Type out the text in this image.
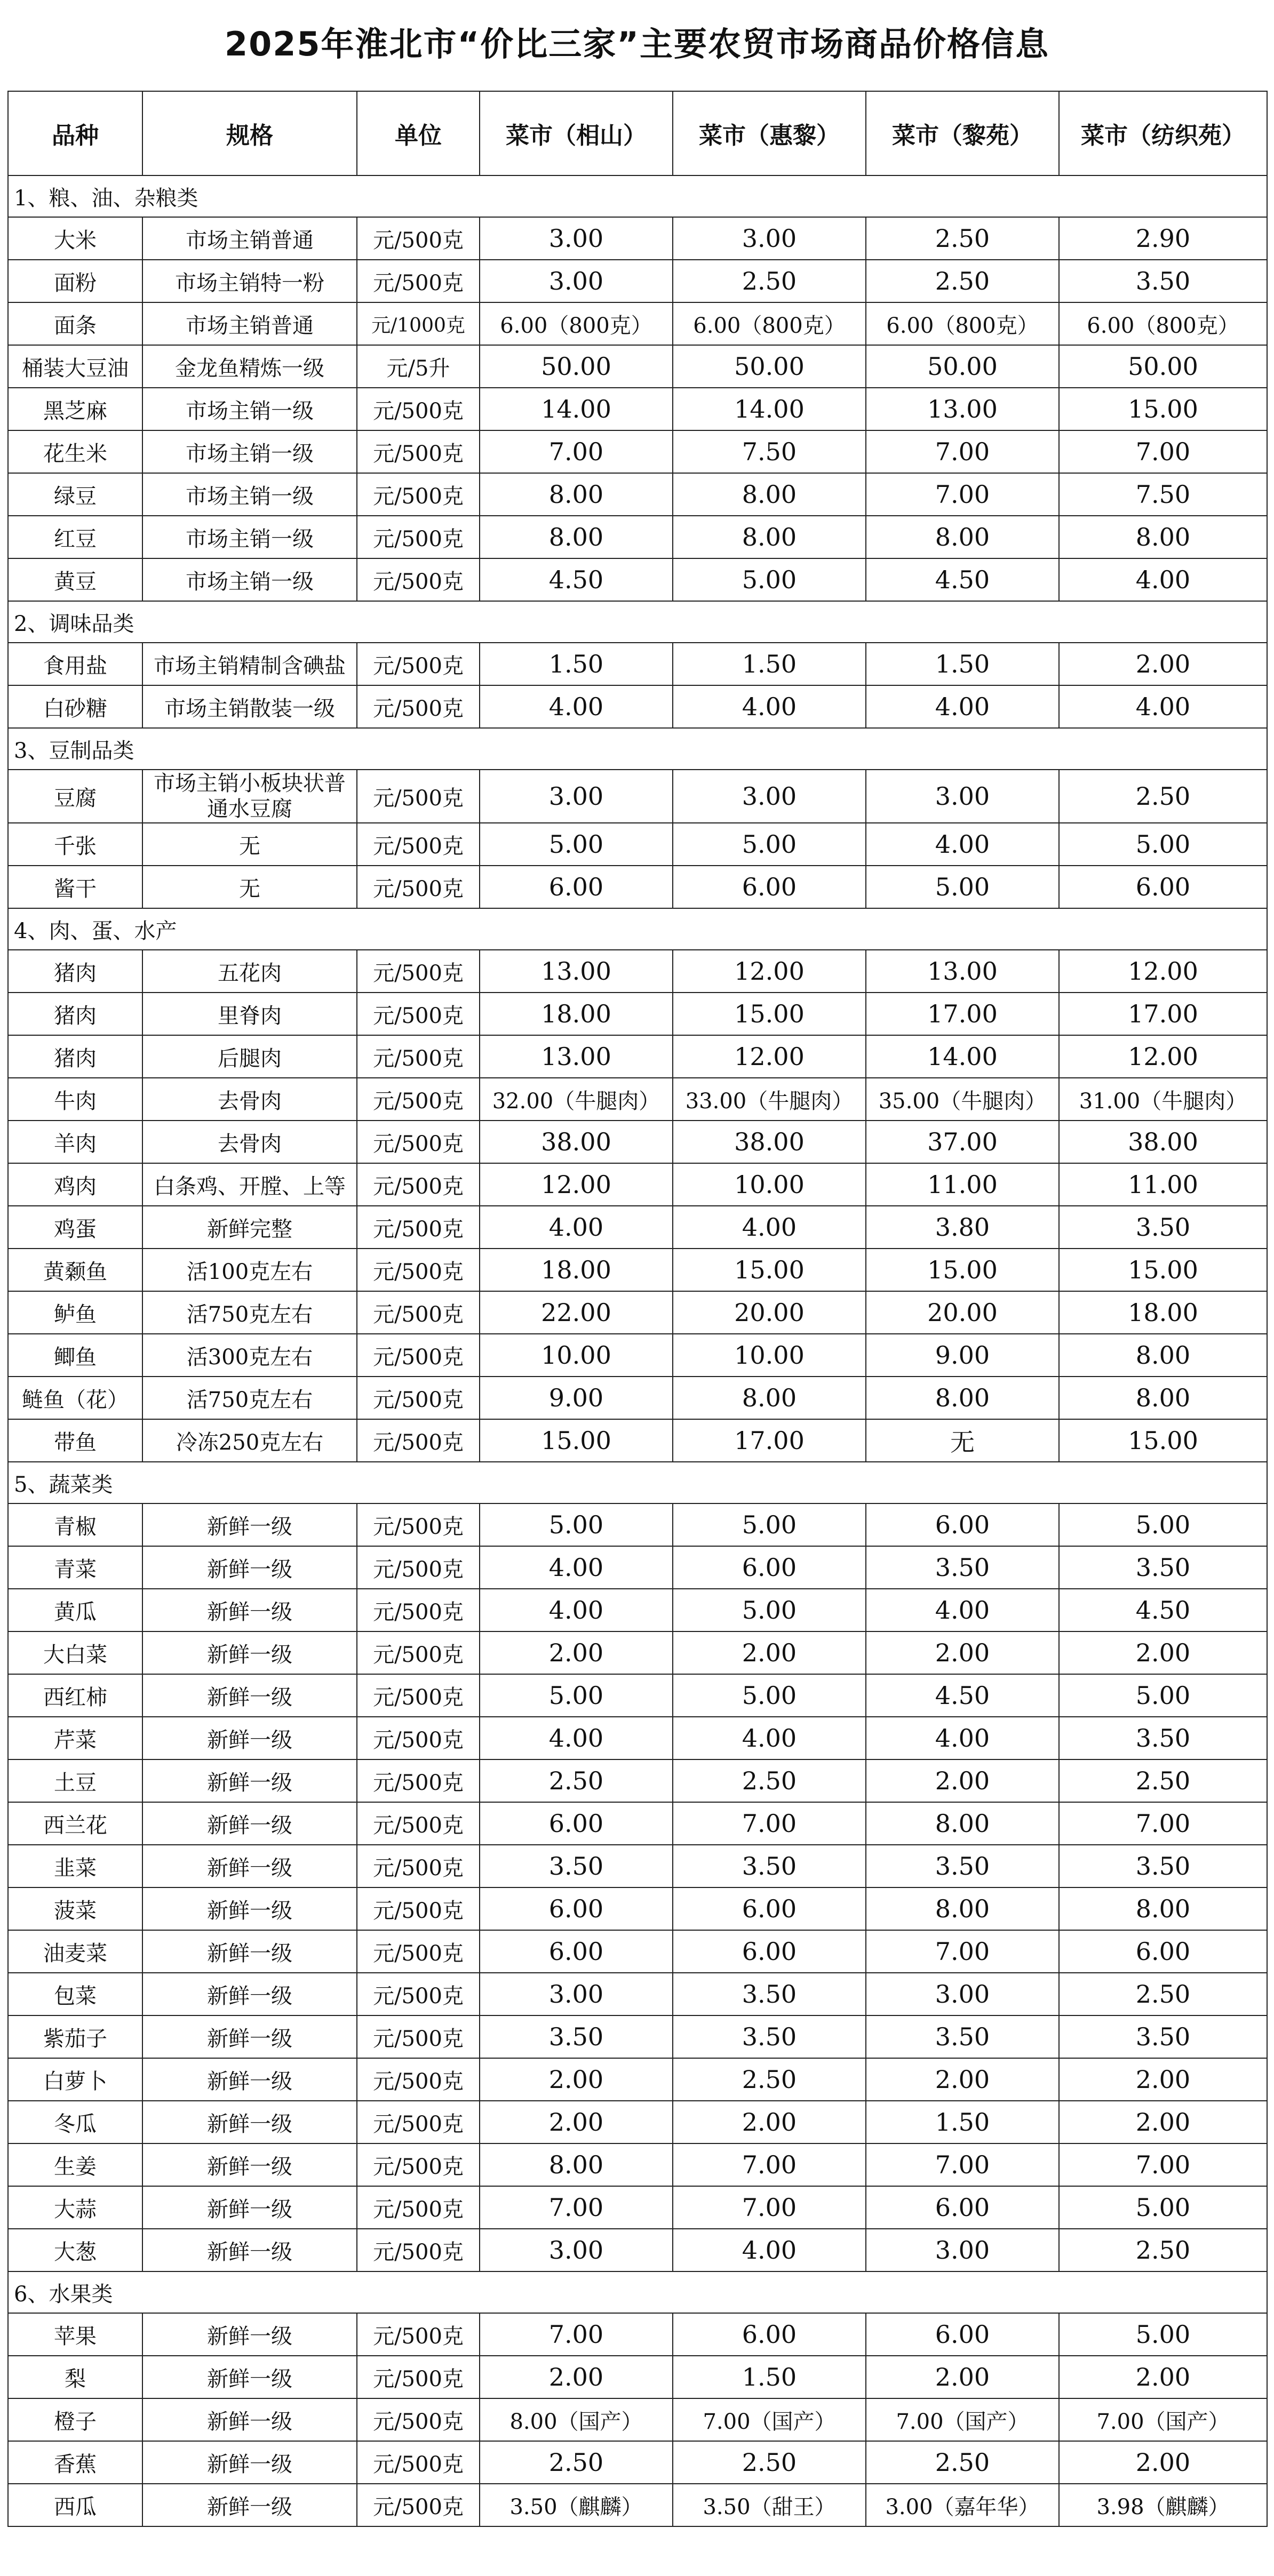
2025年淮北市“价比三家”主要农贸市场商品价格信息
品种	规格	单位	菜市（相山）	菜市（惠黎）	菜市（黎苑）	菜市（纺织苑）
1、粮、油、杂粮类						
大米	市场主销普通	元/500克	3.00	3.00	2.50	2.90
面粉	市场主销特一粉	元/500克	3.00	2.50	2.50	3.50
面条	市场主销普通	元/1000克	6.00（800克）	6.00（800克）	6.00（800克）	6.00（800克）
桶装大豆油	金龙鱼精炼一级	元/5升	50.00	50.00	50.00	50.00
黑芝麻	市场主销一级	元/500克	14.00	14.00	13.00	15.00
花生米	市场主销一级	元/500克	7.00	7.50	7.00	7.00
绿豆	市场主销一级	元/500克	8.00	8.00	7.00	7.50
红豆	市场主销一级	元/500克	8.00	8.00	8.00	8.00
黄豆	市场主销一级	元/500克	4.50	5.00	4.50	4.00
2、调味品类						
食用盐	市场主销精制含碘盐	元/500克	1.50	1.50	1.50	2.00
白砂糖	市场主销散装一级	元/500克	4.00	4.00	4.00	4.00
3、豆制品类						
豆腐	市场主销小板块状普通水豆腐	元/500克	3.00	3.00	3.00	2.50
千张	无	元/500克	5.00	5.00	4.00	5.00
酱干	无	元/500克	6.00	6.00	5.00	6.00
4、肉、蛋、水产						
猪肉	五花肉	元/500克	13.00	12.00	13.00	12.00
猪肉	里脊肉	元/500克	18.00	15.00	17.00	17.00
猪肉	后腿肉	元/500克	13.00	12.00	14.00	12.00
牛肉	去骨肉	元/500克	32.00（牛腿肉）	33.00（牛腿肉）	35.00（牛腿肉）	31.00（牛腿肉）
羊肉	去骨肉	元/500克	38.00	38.00	37.00	38.00
鸡肉	白条鸡、开膛、上等	元/500克	12.00	10.00	11.00	11.00
鸡蛋	新鲜完整	元/500克	4.00	4.00	3.80	3.50
黄颡鱼	活100克左右	元/500克	18.00	15.00	15.00	15.00
鲈鱼	活750克左右	元/500克	22.00	20.00	20.00	18.00
鲫鱼	活300克左右	元/500克	10.00	10.00	9.00	8.00
鲢鱼（花）	活750克左右	元/500克	9.00	8.00	8.00	8.00
带鱼	冷冻250克左右	元/500克	15.00	17.00	无	15.00
5、蔬菜类						
青椒	新鲜一级	元/500克	5.00	5.00	6.00	5.00
青菜	新鲜一级	元/500克	4.00	6.00	3.50	3.50
黄瓜	新鲜一级	元/500克	4.00	5.00	4.00	4.50
大白菜	新鲜一级	元/500克	2.00	2.00	2.00	2.00
西红柿	新鲜一级	元/500克	5.00	5.00	4.50	5.00
芹菜	新鲜一级	元/500克	4.00	4.00	4.00	3.50
土豆	新鲜一级	元/500克	2.50	2.50	2.00	2.50
西兰花	新鲜一级	元/500克	6.00	7.00	8.00	7.00
韭菜	新鲜一级	元/500克	3.50	3.50	3.50	3.50
菠菜	新鲜一级	元/500克	6.00	6.00	8.00	8.00
油麦菜	新鲜一级	元/500克	6.00	6.00	7.00	6.00
包菜	新鲜一级	元/500克	3.00	3.50	3.00	2.50
紫茄子	新鲜一级	元/500克	3.50	3.50	3.50	3.50
白萝卜	新鲜一级	元/500克	2.00	2.50	2.00	2.00
冬瓜	新鲜一级	元/500克	2.00	2.00	1.50	2.00
生姜	新鲜一级	元/500克	8.00	7.00	7.00	7.00
大蒜	新鲜一级	元/500克	7.00	7.00	6.00	5.00
大葱	新鲜一级	元/500克	3.00	4.00	3.00	2.50
6、水果类						
苹果	新鲜一级	元/500克	7.00	6.00	6.00	5.00
梨	新鲜一级	元/500克	2.00	1.50	2.00	2.00
橙子	新鲜一级	元/500克	8.00（国产）	7.00（国产）	7.00（国产）	7.00（国产）
香蕉	新鲜一级	元/500克	2.50	2.50	2.50	2.00
西瓜	新鲜一级	元/500克	3.50（麒麟）	3.50（甜王）	3.00（嘉年华）	3.98（麒麟）
